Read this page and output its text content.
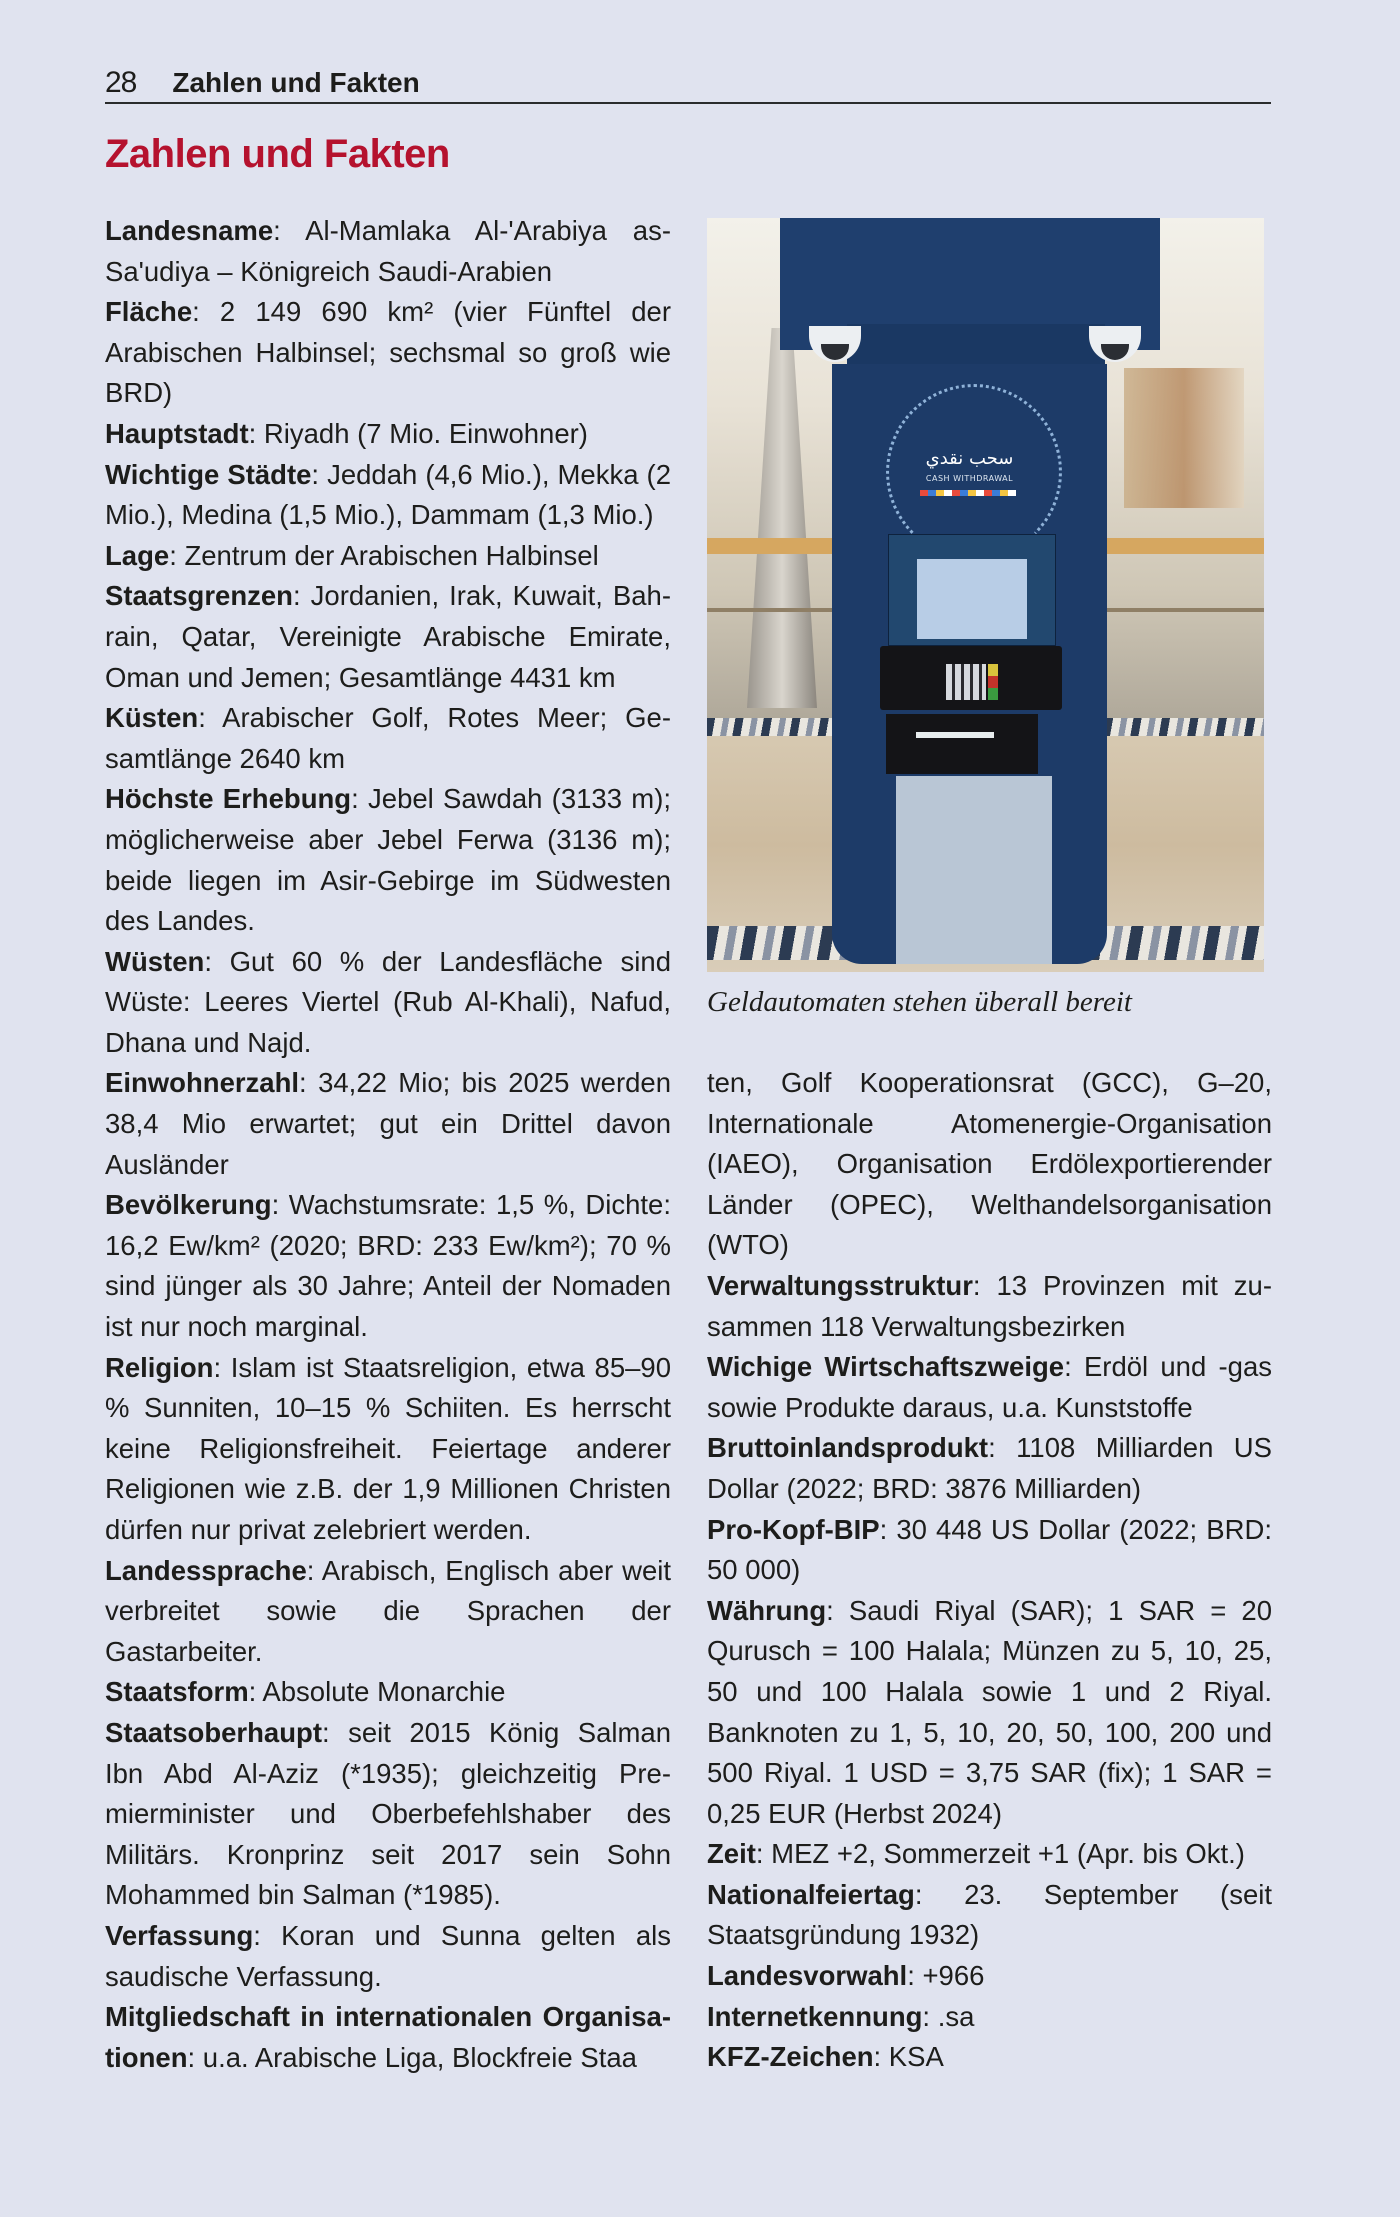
28 Zahlen und Fakten
Zahlen und Fakten

Landesname: Al-Mamlaka Al-'Arabiya as-Sa'udiya – Königreich Saudi-Arabien

Fläche: 2 149 690 km² (vier Fünftel der Arabischen Halbinsel; sechsmal so groß wie BRD)

Hauptstadt: Riyadh (7 Mio. Einwohner)

Wichtige Städte: Jeddah (4,6 Mio.), Mekka (2 Mio.), Medina (1,5 Mio.), Dammam (1,3 Mio.)

Lage: Zentrum der Arabischen Halbinsel

Staatsgrenzen: Jordanien, Irak, Kuwait, Bahrain, Qatar, Vereinigte Arabische Emirate, Oman und Jemen; Gesamtlänge 4431 km

Küsten: Arabischer Golf, Rotes Meer; Gesamtlänge 2640 km

Höchste Erhebung: Jebel Sawdah (3133 m); möglicherweise aber Jebel Ferwa (3136 m); beide liegen im Asir-Gebirge im Südwesten des Landes.

Wüsten: Gut 60 % der Landesfläche sind Wüste: Leeres Viertel (Rub Al-Khali), Nafud, Dhana und Najd.

Einwohnerzahl: 34,22 Mio; bis 2025 werden 38,4 Mio erwartet; gut ein Drittel davon Ausländer

Bevölkerung: Wachstumsrate: 1,5 %, Dichte: 16,2 Ew/km² (2020; BRD: 233 Ew/km²); 70 % sind jünger als 30 Jahre; Anteil der Nomaden ist nur noch marginal.

Religion: Islam ist Staatsreligion, etwa 85–90 % Sunniten, 10–15 % Schiiten. Es herrscht keine Religionsfreiheit. Feiertage anderer Religionen wie z.B. der 1,9 Millionen Christen dürfen nur privat zelebriert werden.

Landessprache: Arabisch, Englisch aber weit verbreitet sowie die Sprachen der Gastarbeiter.

Staatsform: Absolute Monarchie

Staatsoberhaupt: seit 2015 König Salman Ibn Abd Al-Aziz (*1935); gleichzeitig Premierminister und Oberbefehlshaber des Militärs. Kronprinz seit 2017 sein Sohn Mohammed bin Salman (*1985).

Verfassung: Koran und Sunna gelten als saudische Verfassung.

Mitgliedschaft in internationalen Organisationen: u.a. Arabische Liga, Blockfreie Staa

سحب نقدي
CASH WITHDRAWAL
Geldautomaten stehen überall bereit

ten, Golf Kooperationsrat (GCC), G–20, Internationale Atomenergie-Organisation (IAEO), Organisation Erdölexportierender Länder (OPEC), Welthandelsorganisation (WTO)

Verwaltungsstruktur: 13 Provinzen mit zusammen 118 Verwaltungsbezirken

Wichige Wirtschaftszweige: Erdöl und -gas sowie Produkte daraus, u.a. Kunststoffe

Bruttoinlandsprodukt: 1108 Milliarden US Dollar (2022; BRD: 3876 Milliarden)

Pro-Kopf-BIP: 30 448 US Dollar (2022; BRD: 50 000)

Währung: Saudi Riyal (SAR); 1 SAR = 20 Qurusch = 100 Halala; Münzen zu 5, 10, 25, 50 und 100 Halala sowie 1 und 2 Riyal. Banknoten zu 1, 5, 10, 20, 50, 100, 200 und 500 Riyal. 1 USD = 3,75 SAR (fix); 1 SAR = 0,25 EUR (Herbst 2024)

Zeit: MEZ +2, Sommerzeit +1 (Apr. bis Okt.)

Nationalfeiertag: 23. September (seit Staatsgründung 1932)

Landesvorwahl: +966

Internetkennung: .sa

KFZ-Zeichen: KSA
